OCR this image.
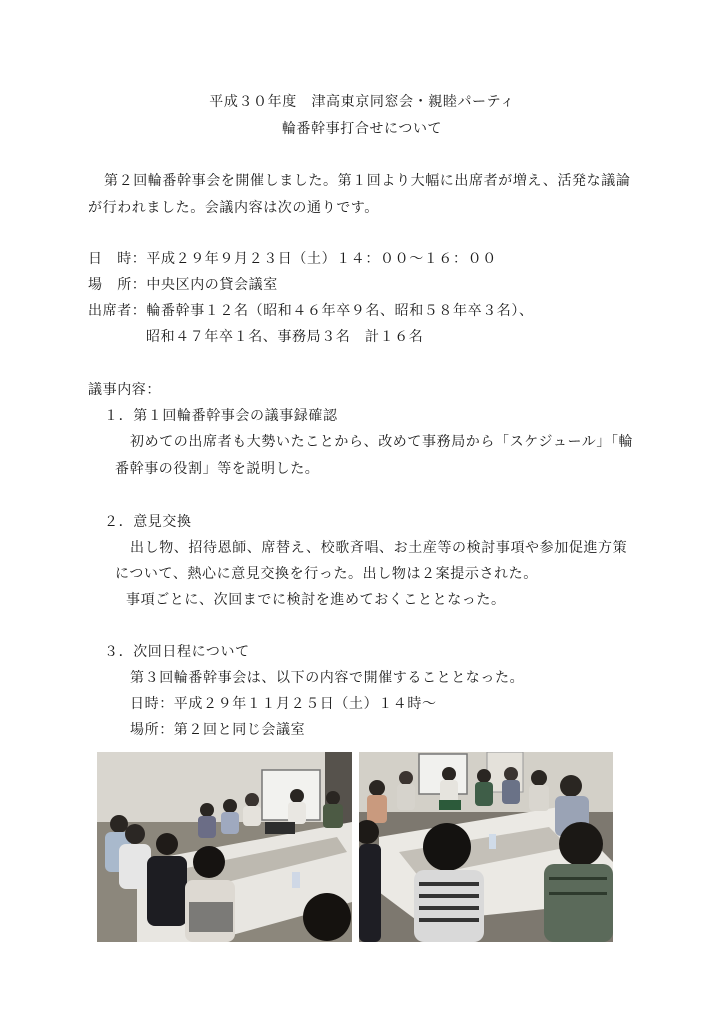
平成３０年度　津高東京同窓会・親睦パーティ
輪番幹事打合せについて
第２回輪番幹事会を開催しました。第１回より大幅に出席者が増え、活発な議論
が行われました。会議内容は次の通りです。
日　時：平成２９年９月２３日（土）１４：００〜１６：００
場　所：中央区内の貸会議室
出席者：輪番幹事１２名（昭和４６年卒９名、昭和５８年卒３名）、
昭和４７年卒１名、事務局３名　計１６名
議事内容：
１．第１回輪番幹事会の議事録確認
初めての出席者も大勢いたことから、改めて事務局から「スケジュール」「輪
番幹事の役割」等を説明した。
２．意見交換
出し物、招待恩師、席替え、校歌斉唱、お土産等の検討事項や参加促進方策
について、熱心に意見交換を行った。出し物は２案提示された。
事項ごとに、次回までに検討を進めておくこととなった。
３．次回日程について
第３回輪番幹事会は、以下の内容で開催することとなった。
日時：平成２９年１１月２５日（土）１４時〜
場所：第２回と同じ会議室
